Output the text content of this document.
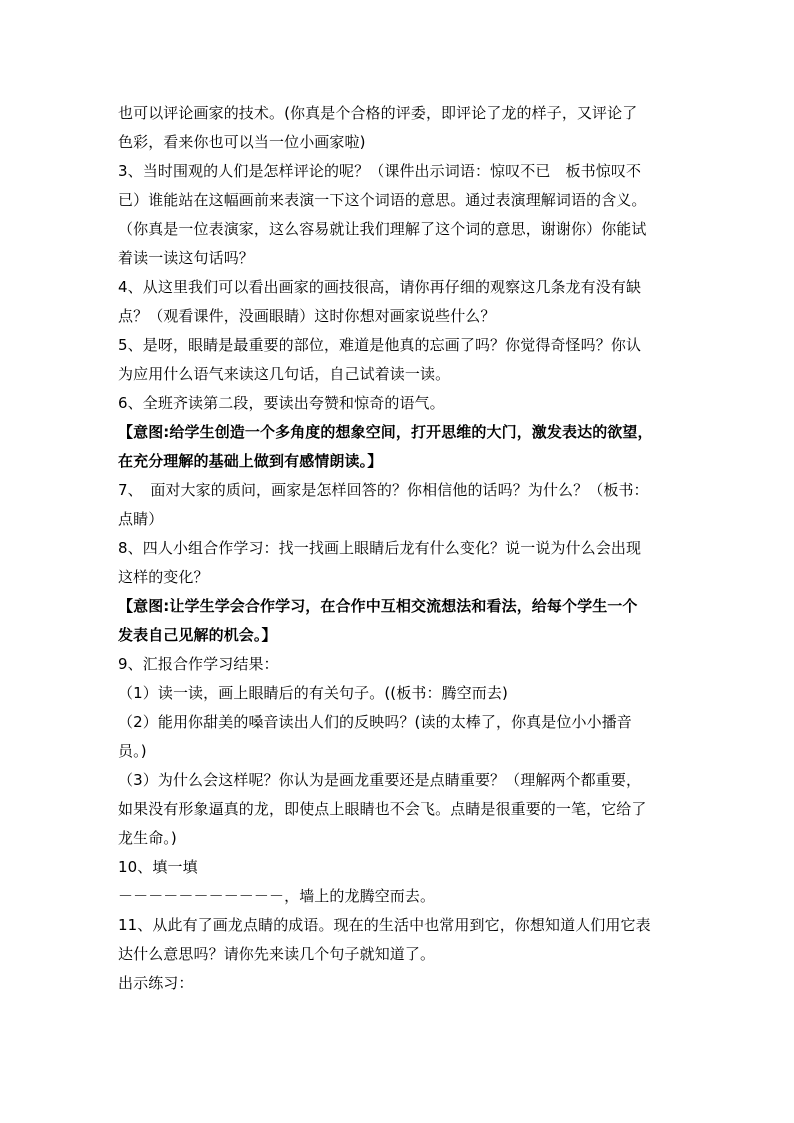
也可以评论画家的技术。(你真是个合格的评委，即评论了龙的样子，又评论了
色彩，看来你也可以当一位小画家啦)
3、当时围观的人们是怎样评论的呢？（课件出示词语：惊叹不已　板书惊叹不
已）谁能站在这幅画前来表演一下这个词语的意思。通过表演理解词语的含义。
（你真是一位表演家，这么容易就让我们理解了这个词的意思，谢谢你）你能试
着读一读这句话吗？
4、从这里我们可以看出画家的画技很高，请你再仔细的观察这几条龙有没有缺
点？（观看课件，没画眼睛）这时你想对画家说些什么？
5、是呀，眼睛是最重要的部位，难道是他真的忘画了吗？你觉得奇怪吗？你认
为应用什么语气来读这几句话，自己试着读一读。
6、全班齐读第二段，要读出夸赞和惊奇的语气。
【意图:给学生创造一个多角度的想象空间，打开思维的大门，激发表达的欲望，
在充分理解的基础上做到有感情朗读。】
7、　面对大家的质问，画家是怎样回答的？你相信他的话吗？为什么？（板书：
点睛）
8、四人小组合作学习：找一找画上眼睛后龙有什么变化？说一说为什么会出现
这样的变化？
【意图:让学生学会合作学习，在合作中互相交流想法和看法，给每个学生一个
发表自己见解的机会。】
9、汇报合作学习结果：
（1）读一读，画上眼睛后的有关句子。((板书：腾空而去)
（2）能用你甜美的嗓音读出人们的反映吗？(读的太棒了，你真是位小小播音
员。)
（3）为什么会这样呢？你认为是画龙重要还是点睛重要？（理解两个都重要，
如果没有形象逼真的龙，即使点上眼睛也不会飞。点睛是很重要的一笔，它给了
龙生命。)
10、填一填
－－－－－－－－－－－，墙上的龙腾空而去。
11、从此有了画龙点睛的成语。现在的生活中也常用到它，你想知道人们用它表
达什么意思吗？请你先来读几个句子就知道了。
出示练习：
